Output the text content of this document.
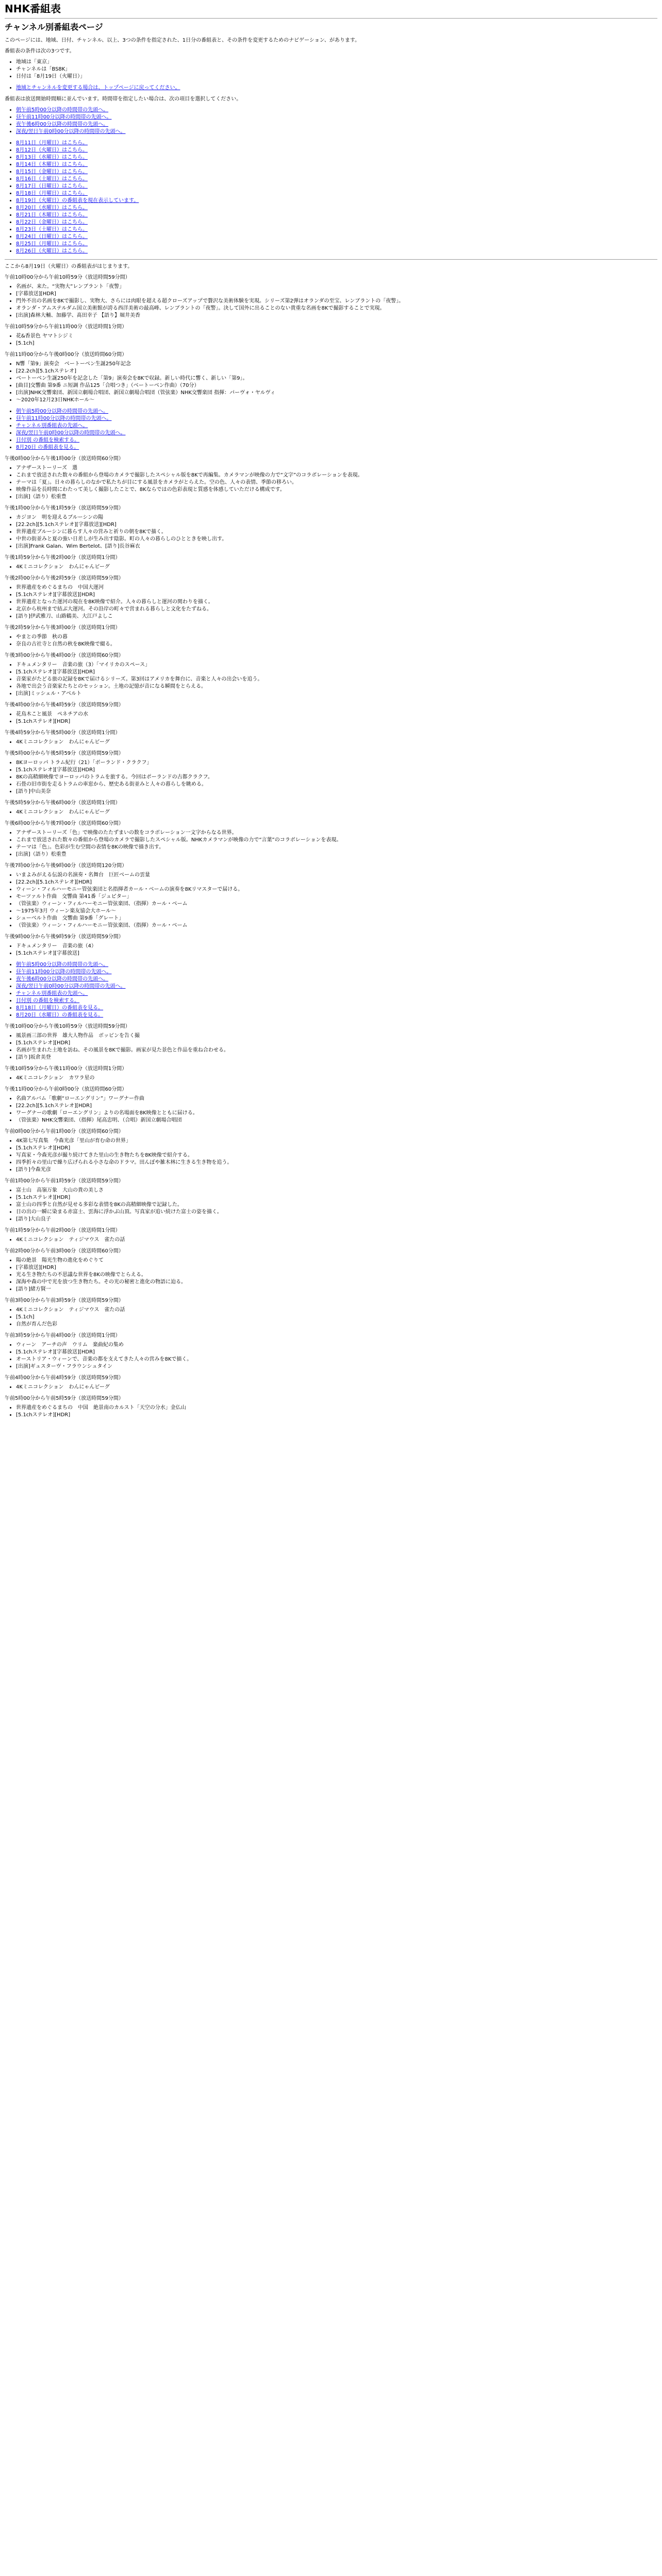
NHK番組表
チャンネル別番組表ページ

このページには、地域、日付、チャンネル、以上、3つの条件を指定された、1日分の番組表と、その条件を変更するためのナビゲーション、があります。

番組表の条件は次の3つです。

• 地域は「東京」
• チャンネルは「BS8K」
• 日付は「8月19日（火曜日）」
• 地域とチャンネルを変更する場合は、トップページに戻ってください。

番組表は放送開始時間順に並んでいます。時間帯を指定したい場合は、次の項目を選択してください。

• 朝午前5時00分以降の時間帯の先頭へ。
• 昼午前11時00分以降の時間帯の先頭へ。
• 夜午後6時00分以降の時間帯の先頭へ。
• 深夜/翌日午前0時00分以降の時間帯の先頭へ。
• 8月11日（月曜日）はこちら。
• 8月12日（火曜日）はこちら。
• 8月13日（水曜日）はこちら。
• 8月14日（木曜日）はこちら。
• 8月15日（金曜日）はこちら。
• 8月16日（土曜日）はこちら。
• 8月17日（日曜日）はこちら。
• 8月18日（月曜日）はこちら。
• 8月19日（火曜日）の番組表を現在表示しています。
• 8月20日（水曜日）はこちら。
• 8月21日（木曜日）はこちら。
• 8月22日（金曜日）はこちら。
• 8月23日（土曜日）はこちら。
• 8月24日（日曜日）はこちら。
• 8月25日（月曜日）はこちら。
• 8月26日（火曜日）はこちら。

ここから8月19日（火曜日）の番組表がはじまります。

午前10時00分から午前10時59分（放送時間59分間）
• 名画が、来た。“実物大”レンブラント「夜警」
• [字幕放送][HDR]
• 門外不出の名画を8Kで撮影し、実物大、さらには肉眼を超える超クローズアップで贅沢な美術体験を実現。シリーズ第2弾はオランダの至宝、レンブラントの「夜警」。
• オランダ・アムステルダム国立美術館が誇る西洋美術の最高峰、レンブラントの「夜警」。決して国外に出ることのない貴重な名画を8Kで撮影することで実現。
• [出演]森林大輔、加藤学、髙田幸子 【語り】堀井美香
午前10時59分から午前11時00分（放送時間1分間）
• 花&香景色 ヤマトシジミ
• [5.1ch]
午前11時00分から午後0時00分（放送時間60分間）
• N響「第9」演奏会　ベートーベン生誕250年記念
• [22.2ch][5.1chステレオ]
• ベートーベン生誕250年を記念した「第9」演奏会を8Kで収録。新しい時代に響く、新しい「第9」。
• [曲目]交響曲 第9番 ニ短調 作品125「合唱つき」（ベートーベン作曲）（70分）
• [出演]NHK交響楽団、新国立劇場合唱団、新国立劇場合唱団（管弦楽）NHK交響楽団 指揮：パーヴォ・ヤルヴィ
• ～2020年12月23日NHKホール～
• 朝午前5時00分以降の時間帯の先頭へ。
• 昼午前11時00分以降の時間帯の先頭へ。
• チャンネル別番組表の先頭へ。
• 深夜/翌日午前0時00分以降の時間帯の先頭へ。
• 日付別 の番組を検索する。
• 8月20日 の番組表を見る。
午後0時00分から午後1時00分（放送時間60分間）
• アナザーストーリーズ　選
• これまで放送された数々の番組から登場のカメラで撮影したスペシャル版を8Kで再編集。カメラマンが映像の力で“文字”のコラボレーションを表現。
• テーマは「夏」。日々の暮らしのなかで私たちが目にする風景をカメラがとらえた。空の色、人々の表情、季節の移ろい。
• 映像作品を長時間にわたって美しく撮影したことで、8Kならではの色彩表現と質感を体感していただける構成です。
• [出演]（語り）松重豊
午後1時00分から午後1時59分（放送時間59分間）
• カジヨン　明を迎えるブルーシンの陽
• [22.2ch][5.1chステレオ][字幕放送][HDR]
• 世界遺産ブルーシンに暮らす人々の営みと祈りの朝を8Kで描く。
• 中世の街並みと夏の強い日差しが生み出す陰影。町の人々の暮らしのひとときを映し出す。
• [出演]Frank Galan、Wim Bertelot、[語り]長谷麻衣
午後1時59分から午後2時00分（放送時間1分間）
• 4Kミニコレクション　わんにゃんビーグ
午後2時00分から午後2時59分（放送時間59分間）
• 世界遺産をめぐるまちの　中国大運河
• [5.1chステレオ][字幕放送][HDR]
• 世界遺産となった運河の現在を8K映像で紹介。人々の暮らしと運河の関わりを描く。
• 北京から杭州まで結ぶ大運河。その沿岸の町々で営まれる暮らしと文化をたずねる。
• [語り]伊武雅刀、山路鶴美、大江戸よしこ
午後2時59分から午後3時00分（放送時間1分間）
• やまとの季節　秋の暮
• 奈良の古社寺と自然の秋を8K映像で綴る。
午後3時00分から午後4時00分（放送時間60分間）
• ドキュメンタリー　音楽の旅（3）「マイリカのスペース」
• [5.1chステレオ][字幕放送][HDR]
• 音楽家がたどる旅の記録を8Kで届けるシリーズ。第3回はアメリカを舞台に、音楽と人々の出会いを追う。
• 各地で出会う音楽家たちとのセッション。土地の記憶が音になる瞬間をとらえる。
• [出演]ミッシェル・アベルト
午後4時00分から午後4時59分（放送時間59分間）
• 花鳥木こと風景　ペネチアの水
• [5.1chステレオ][HDR]
午後4時59分から午後5時00分（放送時間1分間）
• 4Kミニコレクション　わんにゃんビーグ
午後5時00分から午後5時59分（放送時間59分間）
• 8Kヨーロッパ トラム紀行（21）「ボーランド・クラクフ」
• [5.1chステレオ][字幕放送][HDR]
• 8Kの高精細映像でヨーロッパのトラムを旅する。今回はポーランドの古都クラクフ。
• 石畳の旧市街を走るトラムの車窓から、歴史ある街並みと人々の暮らしを眺める。
• [語り]中山美奈
午後5時59分から午後6時00分（放送時間1分間）
• 4Kミニコレクション　わんにゃんビーグ
午後6時00分から午後7時00分（放送時間60分間）
• アナザーストーリーズ「色」で映像のたたずまいの数をコラボレーション一文字からなる世界。
• これまで放送された数々の番組から登場のカメラで撮影したスペシャル版。NHKカメラマンが映像の力で“言葉”のコラボレーションを表現。
• テーマは「色」。色彩が生む空間の表情を8Kの映像で描き出す。
• [出演]（語り）松重豊
午後7時00分から午後9時00分（放送時間120分間）
• いまよみがえる伝説の名演奏・名舞台　巨匠ベームの雲量
• [22.2ch][5.1chステレオ][HDR]
• ウィーン・フィルハーモニー管弦楽団と名指揮者カール・ベームの演奏を8Kリマスターで届ける。
• モーツァルト作曲　交響曲 第41番「ジュピター」
• （管弦楽）ウィーン・フィルハーモニー管弦楽団、（指揮）カール・ベーム
• ～1975年3月 ウィーン楽友協会大ホール～
• シューベルト作曲　交響曲 第9番「グレート」
• （管弦楽）ウィーン・フィルハーモニー管弦楽団、（指揮）カール・ベーム
午後9時00分から午後9時59分（放送時間59分間）
• ドキュメンタリー　音楽の旅（4）
• [5.1chステレオ][字幕放送]
• 朝午前5時00分以降の時間帯の先頭へ。
• 昼午前11時00分以降の時間帯の先頭へ。
• 夜午後6時00分以降の時間帯の先頭へ。
• 深夜/翌日午前0時00分以降の時間帯の先頭へ。
• チャンネル別番組表の先頭へ。
• 日付別 の番組を検索する。
• 8月18日（月曜日）の番組表を見る。
• 8月20日（水曜日）の番組表を見る。
午後10時00分から午後10時59分（放送時間59分間）
• 風景画三部の世界　雄大人物作品　ボッビンを告く撮
• [5.1chステレオ][HDR]
• 名画が生まれた土地を訪ね、その風景を8Kで撮影。画家が見た景色と作品を重ね合わせる。
• [語り]坂倉美登
午後10時59分から午後11時00分（放送時間1分間）
• 4Kミニコレクション　カワラ星の
午後11時00分から午前0時00分（放送時間60分間）
• 名曲アルバム「歌劇“ローエングリン”」ワーグナー作曲
• [22.2ch][5.1chステレオ][HDR]
• ワーグナーの歌劇「ローエングリン」よりの名場面を8K映像とともに届ける。
• （管弦楽）NHK交響楽団、（指揮）尾高忠明、（合唱）新国立劇場合唱団
午前0時00分から午前1時00分（放送時間60分間）
• 4K第七写真集　今森光彦「里山が育む命の世界」
• [5.1chステレオ][HDR]
• 写真家・今森光彦が撮り続けてきた里山の生き物たちを8K映像で紹介する。
• 四季折々の里山で繰り広げられる小さな命のドラマ。田んぼや雑木林に生きる生き物を追う。
• [語り]今森光彦
午前1時00分から午前1時59分（放送時間59分間）
• 富士山　高嶺万象　大山の貴の美しさ
• [5.1chステレオ][HDR]
• 富士山の四季と自然が見せる多彩な表情を8Kの高精細映像で記録した。
• 日の出の一瞬に染まる赤富士、雲海に浮かぶ山頂。写真家が追い続けた富士の姿を描く。
• [語り]大山良子
午前1時59分から午前2時00分（放送時間1分間）
• 4Kミニコレクション　ティジマウス　雀たの話
午前2時00分から午前3時00分（放送時間60分間）
• 陽の絶景　陽光生物の進化をめぐりて
• [字幕放送][HDR]
• 光る生き物たちの不思議な世界を8Kの映像でとらえる。
• 深海や森の中で光を放つ生き物たち。その光の秘密と進化の物語に迫る。
• [語り]緒方賢一
午前3時00分から午前3時59分（放送時間59分間）
• 4Kミニコレクション　ティジマウス　雀たの話
• [5.1ch]
• 自然が育んだ色彩
午前3時59分から午前4時00分（放送時間1分間）
• ウィーン　アーチの声　ウリム　楽曲紀の集め
• [5.1chステレオ][字幕放送][HDR]
• オーストリア・ウィーンで、音楽の都を支えてきた人々の営みを8Kで描く。
• [出演]ギュスターヴ・フラウンシュタイン
午前4時00分から午前4時59分（放送時間59分間）
• 4Kミニコレクション　わんにゃんビーグ
午前5時00分から午前5時59分（放送時間59分間）
• 世界遺産をめぐるまちの　中国　絶景南のカルスト「天空の分水」金仏山
• [5.1chステレオ][HDR]
